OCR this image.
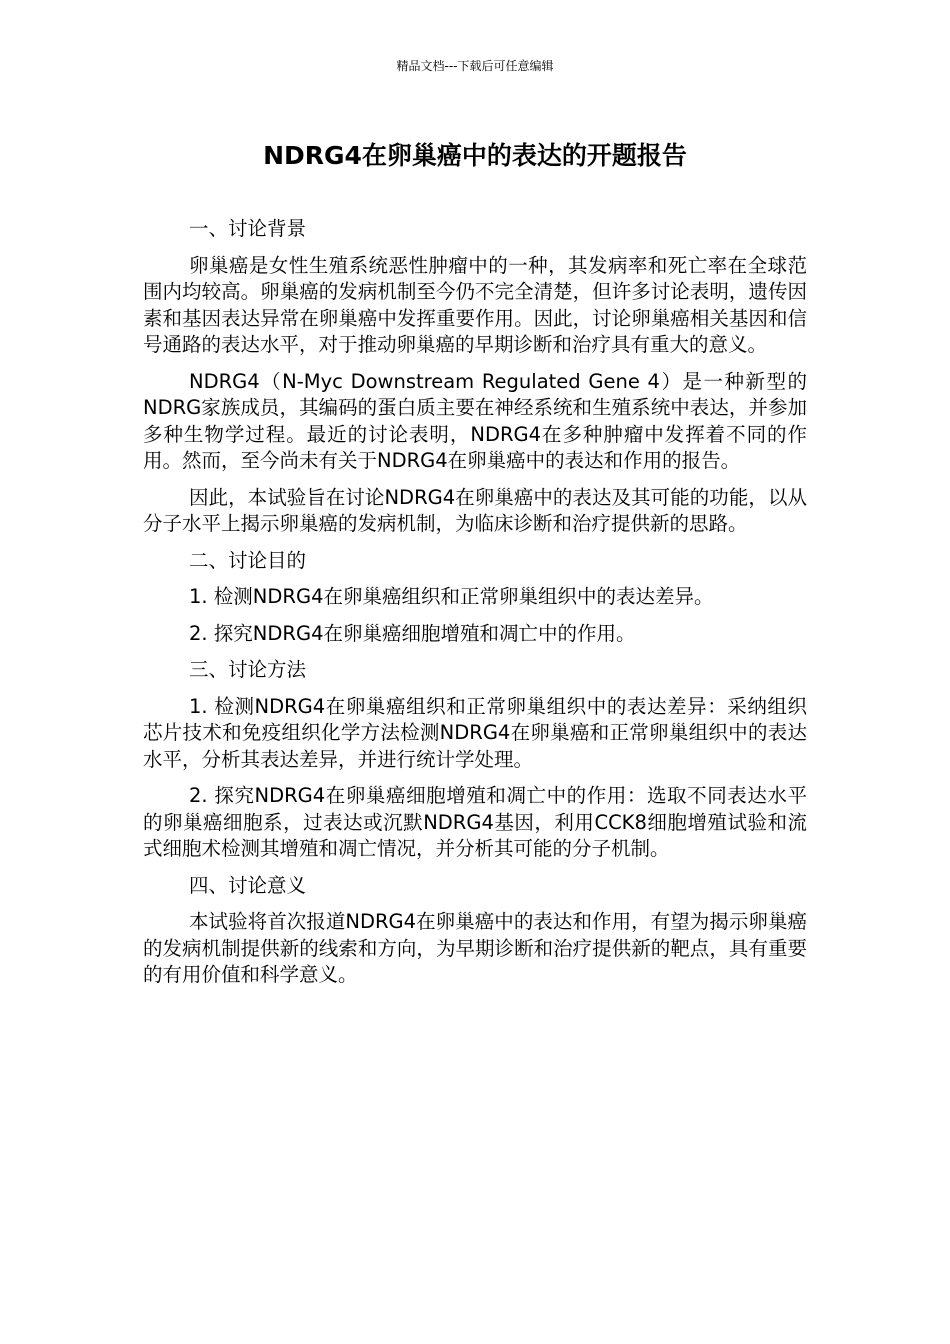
精品文档---下载后可任意编辑
NDRG4在卵巢癌中的表达的开题报告

一、讨论背景

卵巢癌是女性生殖系统恶性肿瘤中的一种，其发病率和死亡率在全球范围内均较高。卵巢癌的发病机制至今仍不完全清楚，但许多讨论表明，遗传因素和基因表达异常在卵巢癌中发挥重要作用。因此，讨论卵巢癌相关基因和信号通路的表达水平，对于推动卵巢癌的早期诊断和治疗具有重大的意义。

NDRG4（N-Myc Downstream Regulated Gene 4）是一种新型的NDRG家族成员，其编码的蛋白质主要在神经系统和生殖系统中表达，并参加多种生物学过程。最近的讨论表明，NDRG4在多种肿瘤中发挥着不同的作用。然而，至今尚未有关于NDRG4在卵巢癌中的表达和作用的报告。

因此，本试验旨在讨论NDRG4在卵巢癌中的表达及其可能的功能，以从分子水平上揭示卵巢癌的发病机制，为临床诊断和治疗提供新的思路。

二、讨论目的

1. 检测NDRG4在卵巢癌组织和正常卵巢组织中的表达差异。

2. 探究NDRG4在卵巢癌细胞增殖和凋亡中的作用。

三、讨论方法

1. 检测NDRG4在卵巢癌组织和正常卵巢组织中的表达差异：采纳组织芯片技术和免疫组织化学方法检测NDRG4在卵巢癌和正常卵巢组织中的表达水平，分析其表达差异，并进行统计学处理。

2. 探究NDRG4在卵巢癌细胞增殖和凋亡中的作用：选取不同表达水平的卵巢癌细胞系，过表达或沉默NDRG4基因，利用CCK8细胞增殖试验和流式细胞术检测其增殖和凋亡情况，并分析其可能的分子机制。

四、讨论意义

本试验将首次报道NDRG4在卵巢癌中的表达和作用，有望为揭示卵巢癌的发病机制提供新的线索和方向，为早期诊断和治疗提供新的靶点，具有重要的有用价值和科学意义。
